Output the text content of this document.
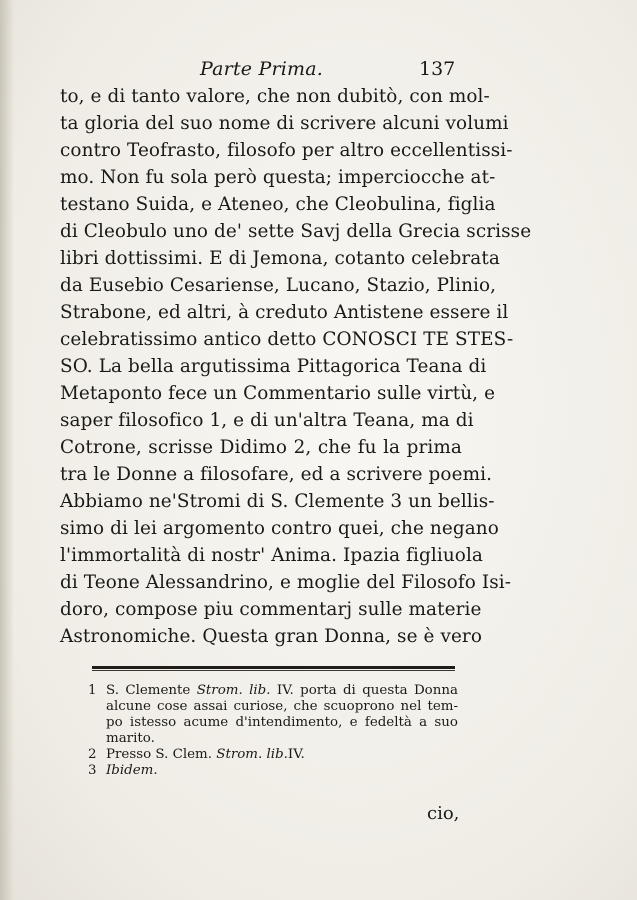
Parte Prima.	137
to, e di tanto valore, che non dubitò, con mol-
ta gloria del suo nome di scrivere alcuni volumi
contro Teofrasto, filosofo per altro eccellentissi-
mo. Non fu sola però questa; imperciocche at-
testano Suida, e Ateneo, che Cleobulina, figlia
di Cleobulo uno de' sette Savj della Grecia scrisse
libri dottissimi. E di Jemona, cotanto celebrata
da Eusebio Cesariense, Lucano, Stazio, Plinio,
Strabone, ed altri, à creduto Antistene essere il
celebratissimo antico detto CONOSCI TE STES-
SO. La bella argutissima Pittagorica Teana di
Metaponto fece un Commentario sulle virtù, e
saper filosofico 1, e di un'altra Teana, ma di
Cotrone, scrisse Didimo 2, che fu la prima
tra le Donne a filosofare, ed a scrivere poemi.
Abbiamo ne'Stromi di S. Clemente 3 un bellis-
simo di lei argomento contro quei, che negano
l'immortalità di nostr' Anima. Ipazia figliuola
di Teone Alessandrino, e moglie del Filosofo Isi-
doro, compose piu commentarj sulle materie
Astronomiche. Questa gran Donna, se è vero
1 S. Clemente Strom. lib. IV. porta di questa Donna
alcune cose assai curiose, che scuoprono nel tem-
po istesso acume d'intendimento, e fedeltà a suo
marito.
2 Presso S. Clem. Strom. lib.IV.
3 Ibidem.
cio,
